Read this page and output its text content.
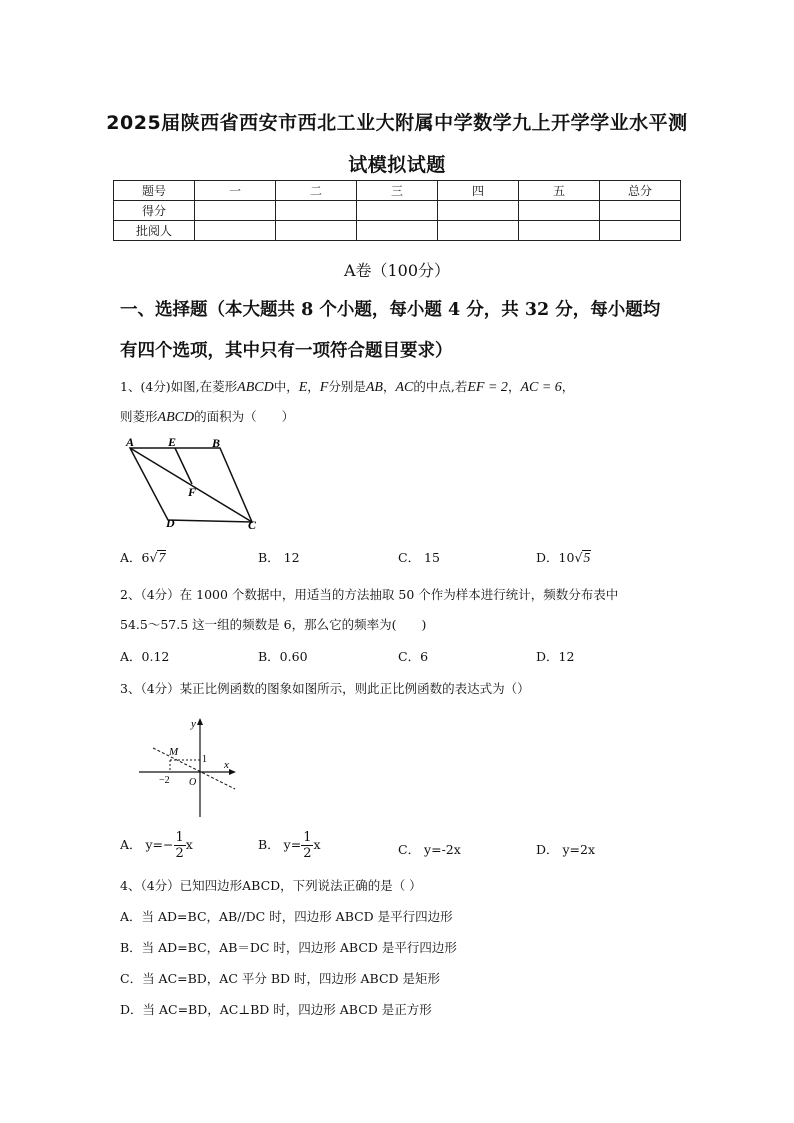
2025届陕西省西安市西北工业大附属中学数学九上开学学业水平测
试模拟试题
题号	一	二	三	四	五	总分
得分						
批阅人						
A卷（100分）
一、选择题（本大题共 8 个小题，每小题 4 分，共 32 分，每小题均
有四个选项，其中只有一项符合题目要求）
1、(4分)如图,在菱形ABCD中，E，F分别是AB，AC的中点,若EF = 2，AC = 6，
则菱形ABCD的面积为（　　）
A	E	B
F
D	C
A．6√7	B． 12	C． 15	D．10√5
2、（4分）在 1000 个数据中，用适当的方法抽取 50 个作为样本进行统计，频数分布表中
54.5～57.5 这一组的频数是 6，那么它的频率为(　　)
A．0.12	B．0.60	C．6	D．12
3、（4分）某正比例函数的图象如图所示，则此正比例函数的表达式为（）
y
x
M
1
−2 O
A． $y=- \frac{1}{2}$ x	B． $y= \frac{1}{2}$ x	C． y=-2x	D． y=2x
4、（4分）已知四边形ABCD，下列说法正确的是（ ）
A．当 AD=BC，AB//DC 时，四边形 ABCD 是平行四边形
B．当 AD=BC，AB＝DC 时，四边形 ABCD 是平行四边形
C．当 AC=BD，AC 平分 BD 时，四边形 ABCD 是矩形
D．当 AC=BD，AC⊥BD 时，四边形 ABCD 是正方形
